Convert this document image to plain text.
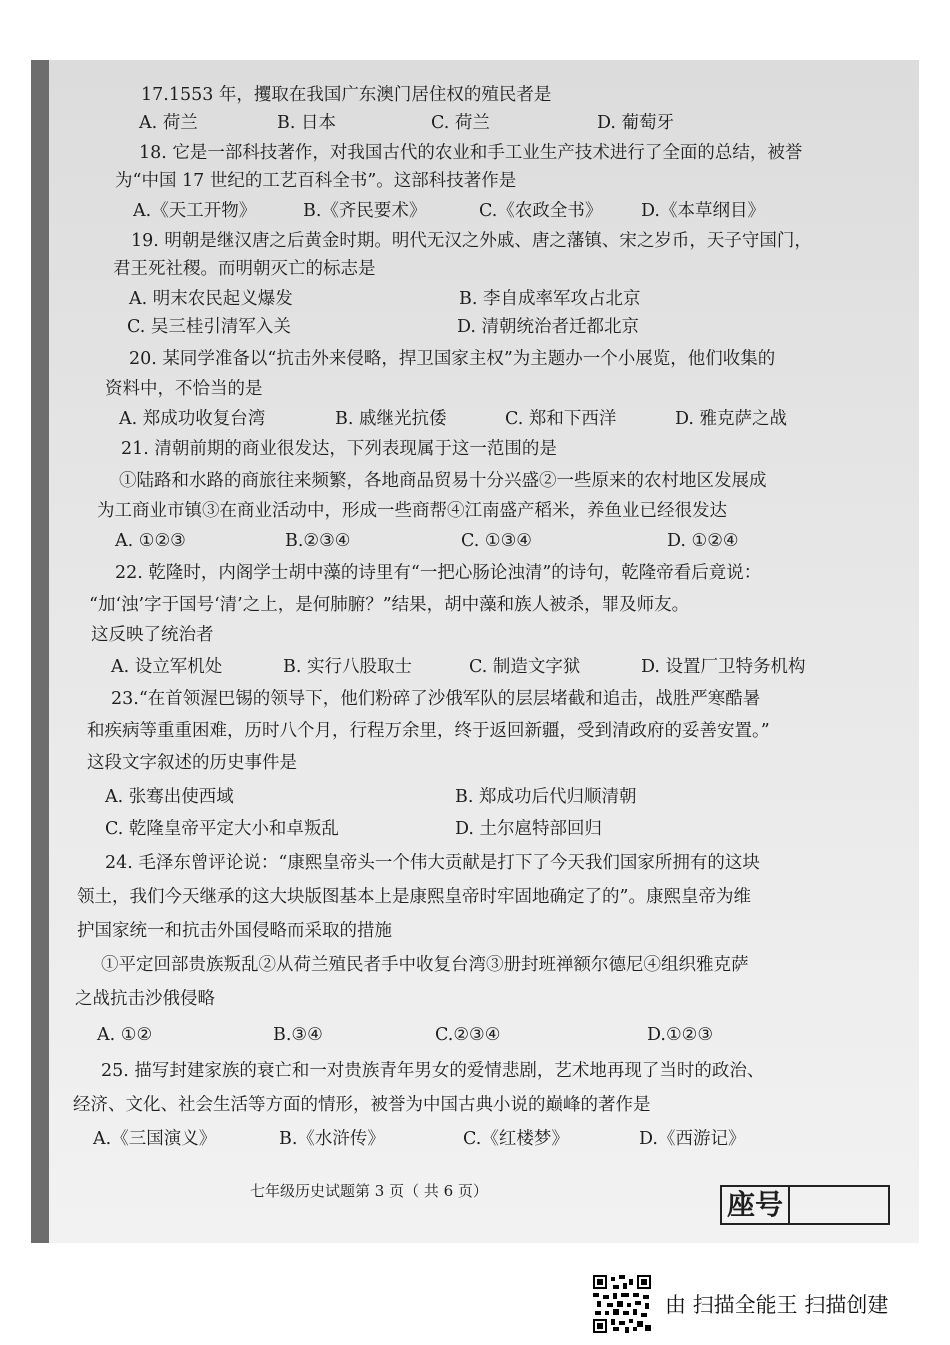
17.1553 年，攫取在我国广东澳门居住权的殖民者是
A. 荷兰	B. 日本	C. 荷兰	D. 葡萄牙
18. 它是一部科技著作，对我国古代的农业和手工业生产技术进行了全面的总结，被誉
为“中国 17 世纪的工艺百科全书”。这部科技著作是
A.《天工开物》	B.《齐民要术》	C.《农政全书》 D.《本草纲目》
19. 明朝是继汉唐之后黄金时期。明代无汉之外戚、唐之藩镇、宋之岁币，天子守国门，
君王死社稷。而明朝灭亡的标志是
A. 明末农民起义爆发	B. 李自成率军攻占北京
C. 吴三桂引清军入关	D. 清朝统治者迁都北京
20. 某同学准备以“抗击外来侵略，捍卫国家主权”为主题办一个小展览，他们收集的
资料中，不恰当的是
A. 郑成功收复台湾	B. 戚继光抗倭	C. 郑和下西洋	D. 雅克萨之战
21. 清朝前期的商业很发达，下列表现属于这一范围的是
①陆路和水路的商旅往来频繁，各地商品贸易十分兴盛②一些原来的农村地区发展成
为工商业市镇③在商业活动中，形成一些商帮④江南盛产稻米，养鱼业已经很发达
A. ①②③	B.②③④	C. ①③④	D. ①②④
22. 乾隆时，内阁学士胡中藻的诗里有“一把心肠论浊清”的诗句，乾隆帝看后竟说：
“加‘浊’字于国号‘清’之上，是何肺腑？”结果，胡中藻和族人被杀，罪及师友。
这反映了统治者
A. 设立军机处	B. 实行八股取士	C. 制造文字狱	D. 设置厂卫特务机构
23.“在首领渥巴锡的领导下，他们粉碎了沙俄军队的层层堵截和追击，战胜严寒酷暑
和疾病等重重困难，历时八个月，行程万余里，终于返回新疆，受到清政府的妥善安置。”
这段文字叙述的历史事件是
A. 张骞出使西域	B. 郑成功后代归顺清朝
C. 乾隆皇帝平定大小和卓叛乱	D. 土尔扈特部回归
24. 毛泽东曾评论说：“康熙皇帝头一个伟大贡献是打下了今天我们国家所拥有的这块
领土，我们今天继承的这大块版图基本上是康熙皇帝时牢固地确定了的”。康熙皇帝为维
护国家统一和抗击外国侵略而采取的措施
①平定回部贵族叛乱②从荷兰殖民者手中收复台湾③册封班禅额尔德尼④组织雅克萨
之战抗击沙俄侵略
A. ①②	B.③④	C.②③④	D.①②③
25. 描写封建家族的衰亡和一对贵族青年男女的爱情悲剧，艺术地再现了当时的政治、
经济、文化、社会生活等方面的情形，被誉为中国古典小说的巅峰的著作是
A.《三国演义》	B.《水浒传》	C.《红楼梦》	D.《西游记》
七年级历史试题第 3 页（ 共 6 页）	座号
由 扫描全能王 扫描创建
